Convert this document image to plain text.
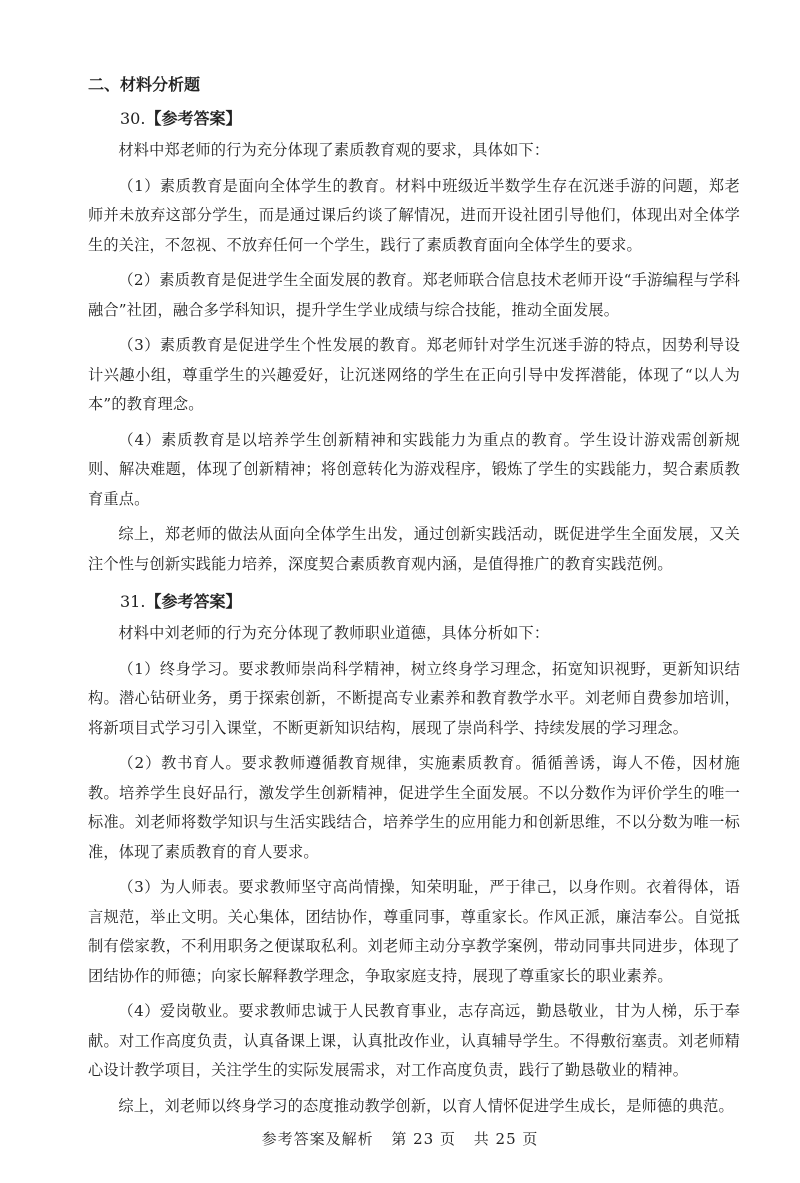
二、材料分析题

30.【参考答案】

材料中郑老师的行为充分体现了素质教育观的要求，具体如下：

（1）素质教育是面向全体学生的教育。材料中班级近半数学生存在沉迷手游的问题，郑老师并未放弃这部分学生，而是通过课后约谈了解情况，进而开设社团引导他们，体现出对全体学生的关注，不忽视、不放弃任何一个学生，践行了素质教育面向全体学生的要求。

（2）素质教育是促进学生全面发展的教育。郑老师联合信息技术老师开设“手游编程与学科融合”社团，融合多学科知识，提升学生学业成绩与综合技能，推动全面发展。

（3）素质教育是促进学生个性发展的教育。郑老师针对学生沉迷手游的特点，因势利导设计兴趣小组，尊重学生的兴趣爱好，让沉迷网络的学生在正向引导中发挥潜能，体现了“以人为本”的教育理念。

（4）素质教育是以培养学生创新精神和实践能力为重点的教育。学生设计游戏需创新规则、解决难题，体现了创新精神；将创意转化为游戏程序，锻炼了学生的实践能力，契合素质教育重点。

综上，郑老师的做法从面向全体学生出发，通过创新实践活动，既促进学生全面发展，又关注个性与创新实践能力培养，深度契合素质教育观内涵，是值得推广的教育实践范例。

31.【参考答案】

材料中刘老师的行为充分体现了教师职业道德，具体分析如下：

（1）终身学习。要求教师崇尚科学精神，树立终身学习理念，拓宽知识视野，更新知识结构。潜心钻研业务，勇于探索创新，不断提高专业素养和教育教学水平。刘老师自费参加培训，将新项目式学习引入课堂，不断更新知识结构，展现了崇尚科学、持续发展的学习理念。

（2）教书育人。要求教师遵循教育规律，实施素质教育。循循善诱，诲人不倦，因材施教。培养学生良好品行，激发学生创新精神，促进学生全面发展。不以分数作为评价学生的唯一标准。刘老师将数学知识与生活实践结合，培养学生的应用能力和创新思维，不以分数为唯一标准，体现了素质教育的育人要求。

（3）为人师表。要求教师坚守高尚情操，知荣明耻，严于律己，以身作则。衣着得体，语言规范，举止文明。关心集体，团结协作，尊重同事，尊重家长。作风正派，廉洁奉公。自觉抵制有偿家教，不利用职务之便谋取私利。刘老师主动分享教学案例，带动同事共同进步，体现了团结协作的师德；向家长解释教学理念，争取家庭支持，展现了尊重家长的职业素养。

（4）爱岗敬业。要求教师忠诚于人民教育事业，志存高远，勤恳敬业，甘为人梯，乐于奉献。对工作高度负责，认真备课上课，认真批改作业，认真辅导学生。不得敷衍塞责。刘老师精心设计教学项目，关注学生的实际发展需求，对工作高度负责，践行了勤恳敬业的精神。

综上，刘老师以终身学习的态度推动教学创新，以育人情怀促进学生成长，是师德的典范。

参考答案及解析 第 23 页 共 25 页
